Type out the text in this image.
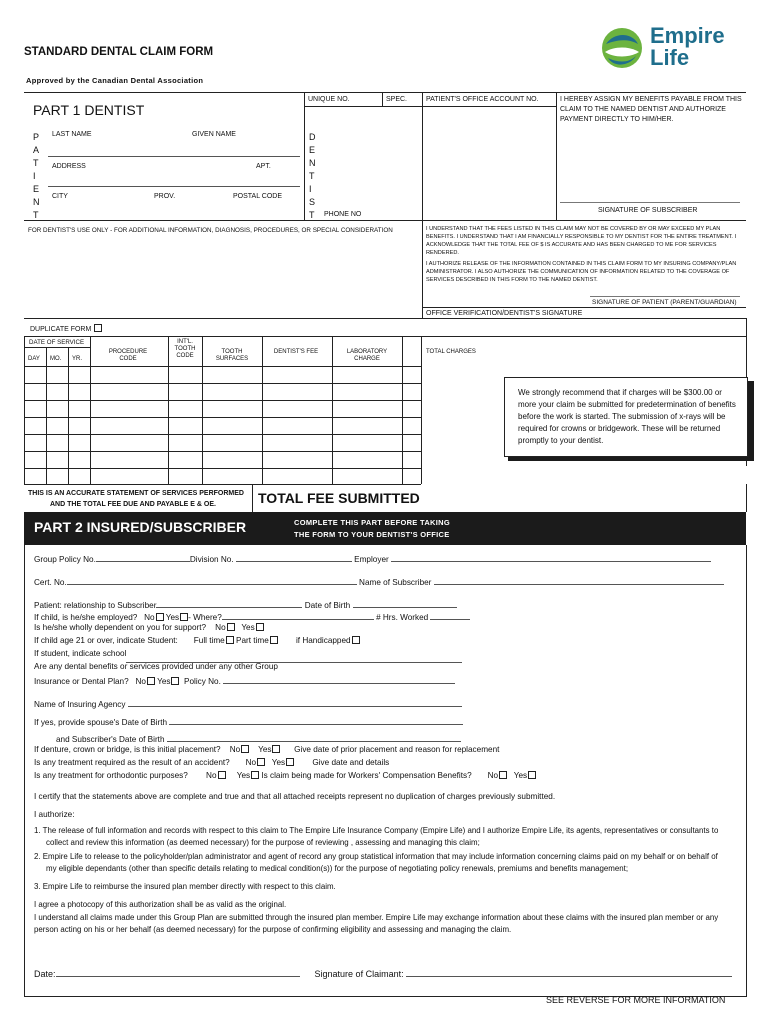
STANDARD DENTAL CLAIM FORM
Approved by the Canadian Dental Association
Empire
Life
PART 1 DENTIST
UNIQUE NO.	SPEC.	PATIENT'S OFFICE ACCOUNT NO.	I HEREBY ASSIGN MY BENEFITS PAYABLE FROM THIS CLAIM TO THE NAMED DENTIST AND AUTHORIZE PAYMENT DIRECTLY TO HIM/HER.
SIGNATURE OF SUBSCRIBER
P
A
T
I
E
N
T
LAST NAME	GIVEN NAME
ADDRESS	APT.
CITY	PROV.	POSTAL CODE
D
E
N
T
I
S
T	PHONE NO
FOR DENTIST'S USE ONLY - FOR ADDITIONAL INFORMATION, DIAGNOSIS, PROCEDURES, OR SPECIAL CONSIDERATION	I UNDERSTAND THAT THE FEES LISTED IN THIS CLAIM MAY NOT BE COVERED BY OR MAY EXCEED MY PLAN BENEFITS. I UNDERSTAND THAT I AM FINANCIALLY RESPONSIBLE TO MY DENTIST FOR THE ENTIRE TREATMENT. I ACKNOWLEDGE THAT THE TOTAL FEE OF $ IS ACCURATE AND HAS BEEN CHARGED TO ME FOR SERVICES RENDERED.
I AUTHORIZE RELEASE OF THE INFORMATION CONTAINED IN THIS CLAIM FORM TO MY INSURING COMPANY/PLAN ADMINISTRATOR. I ALSO AUTHORIZE THE COMMUNICATION OF INFORMATION RELATED TO THE COVERAGE OF SERVICES DESCRIBED IN THIS FORM TO THE NAMED DENTIST.
SIGNATURE OF PATIENT (PARENT/GUARDIAN)
OFFICE VERIFICATION/DENTIST'S SIGNATURE
DUPLICATE FORM
DATE OF SERVICE
DAY MO. YR.
PROCEDURE CODE
INT'L. TOOTH CODE
TOOTH SURFACES
DENTIST'S FEE	LABORATORY CHARGE
TOTAL CHARGES
We strongly recommend that if charges will be $300.00 or more your claim be submitted for predetermination of benefits before the work is started. The submission of x-rays will be required for crowns or bridgework. These will be returned promptly to your dentist.
THIS IS AN ACCURATE STATEMENT OF SERVICES PERFORMED
AND THE TOTAL FEE DUE AND PAYABLE E & OE.	TOTAL FEE SUBMITTED
PART 2 INSURED/SUBSCRIBER	COMPLETE THIS PART BEFORE TAKING
THE FORM TO YOUR DENTIST'S OFFICE
Group Policy No.	Division No.	Employer
Cert. No.	Name of Subscriber
Patient: relationship to Subscriber	Date of Birth
If child, is he/she employed? No Yes - Where?	# Hrs. Worked
Is he/she wholly dependent on you for support? No Yes
If child age 21 or over, indicate Student: Full time Part time	if Handicapped
If student, indicate school
Are any dental benefits or services provided under any other Group
Insurance or Dental Plan? No Yes Policy No.
Name of Insuring Agency
If yes, provide spouse's Date of Birth
and Subscriber's Date of Birth
If denture, crown or bridge, is this initial placement? No Yes	Give date of prior placement and reason for replacement
Is any treatment required as the result of an accident? No Yes	Give date and details
Is any treatment for orthodontic purposes? No Yes Is claim being made for Workers' Compensation Benefits? No Yes
I certify that the statements above are complete and true and that all attached receipts represent no duplication of charges previously submitted.
I authorize:
1. The release of full information and records with respect to this claim to The Empire Life Insurance Company (Empire Life) and I authorize Empire Life, its agents, representatives or consultants to
collect and review this information (as deemed necessary) for the purpose of reviewing , assessing and managing this claim;
2. Empire Life to release to the policyholder/plan administrator and agent of record any group statistical information that may include information concerning claims paid on my behalf or on behalf of
my eligible dependants (other than specific details relating to medical condition(s)) for the purpose of negotiating policy renewals, premiums and benefits management;
3. Empire Life to reimburse the insured plan member directly with respect to this claim.
I agree a photocopy of this authorization shall be as valid as the original.
I understand all claims made under this Group Plan are submitted through the insured plan member. Empire Life may exchange information about these claims with the insured plan member or any
person acting on his or her behalf (as deemed necessary) for the purpose of confirming eligibility and assessing and managing the claim.
Date:	Signature of Claimant:
SEE REVERSE FOR MORE INFORMATION
